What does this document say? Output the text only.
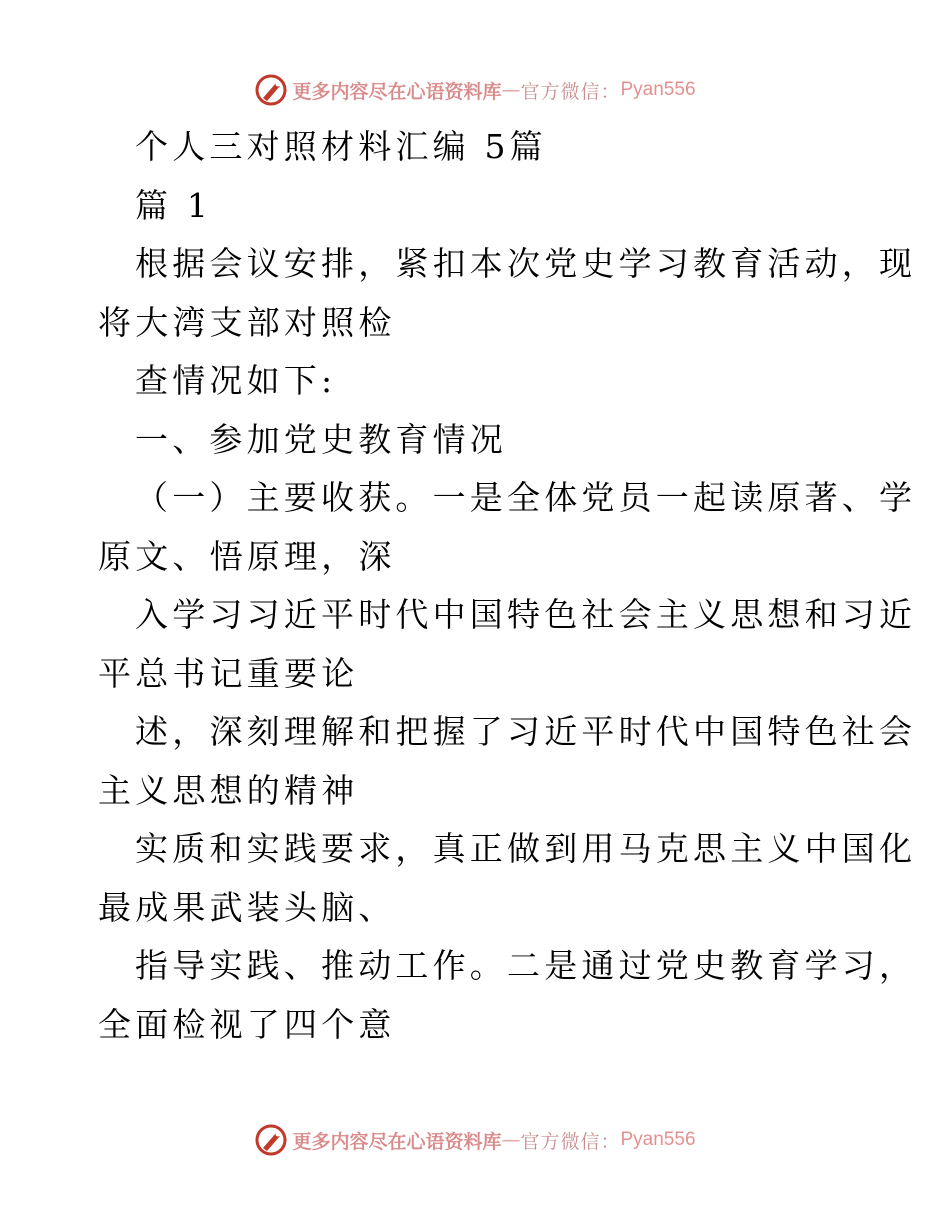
更多内容尽在心语资料库 — 官方微信： Pyan556
个人三对照材料汇编 5篇
篇 1
根据会议安排，紧扣本次党史学习教育活动，现
将大湾支部对照检
查情况如下:
一、参加党史教育情况
（一）主要收获。一是全体党员一起读原著、学
原文、悟原理，深
入学习习近平时代中国特色社会主义思想和习近
平总书记重要论
述，深刻理解和把握了习近平时代中国特色社会
主义思想的精神
实质和实践要求，真正做到用马克思主义中国化
最成果武装头脑、
指导实践、推动工作。二是通过党史教育学习，
全面检视了四个意
更多内容尽在心语资料库 — 官方微信： Pyan556
